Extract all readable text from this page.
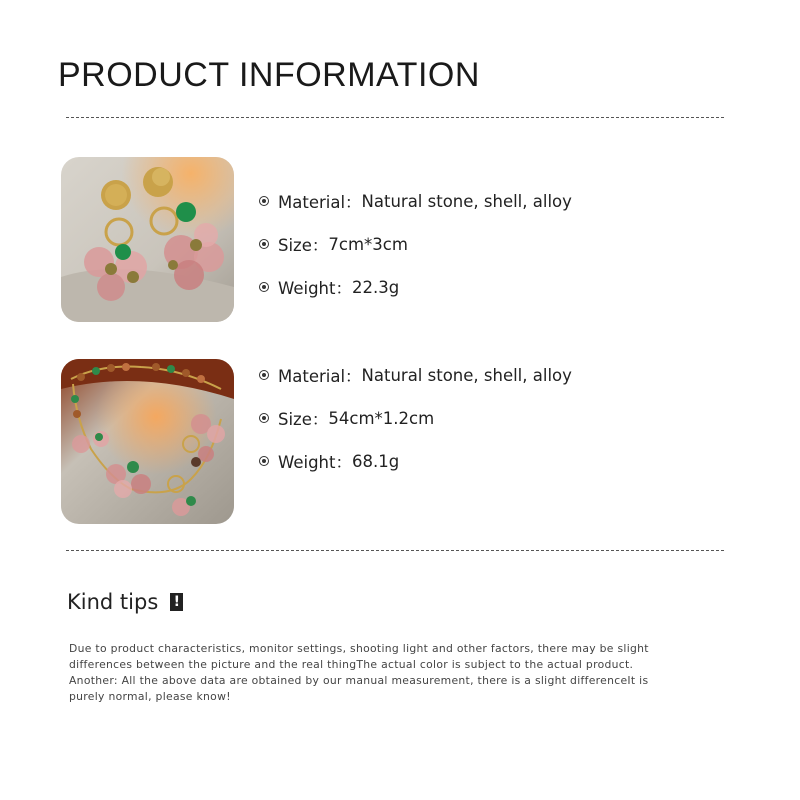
PRODUCT INFORMATION
Material： Natural stone, shell, alloy
Size： 7cm*3cm
Weight： 22.3g
Material： Natural stone, shell, alloy
Size： 54cm*1.2cm
Weight： 68.1g
Kind tips !

Due to product characteristics, monitor settings, shooting light and other factors, there may be slight differences between the picture and the real thingThe actual color is subject to the actual product. Another: All the above data are obtained by our manual measurement, there is a slight differenceIt is purely normal, please know!
